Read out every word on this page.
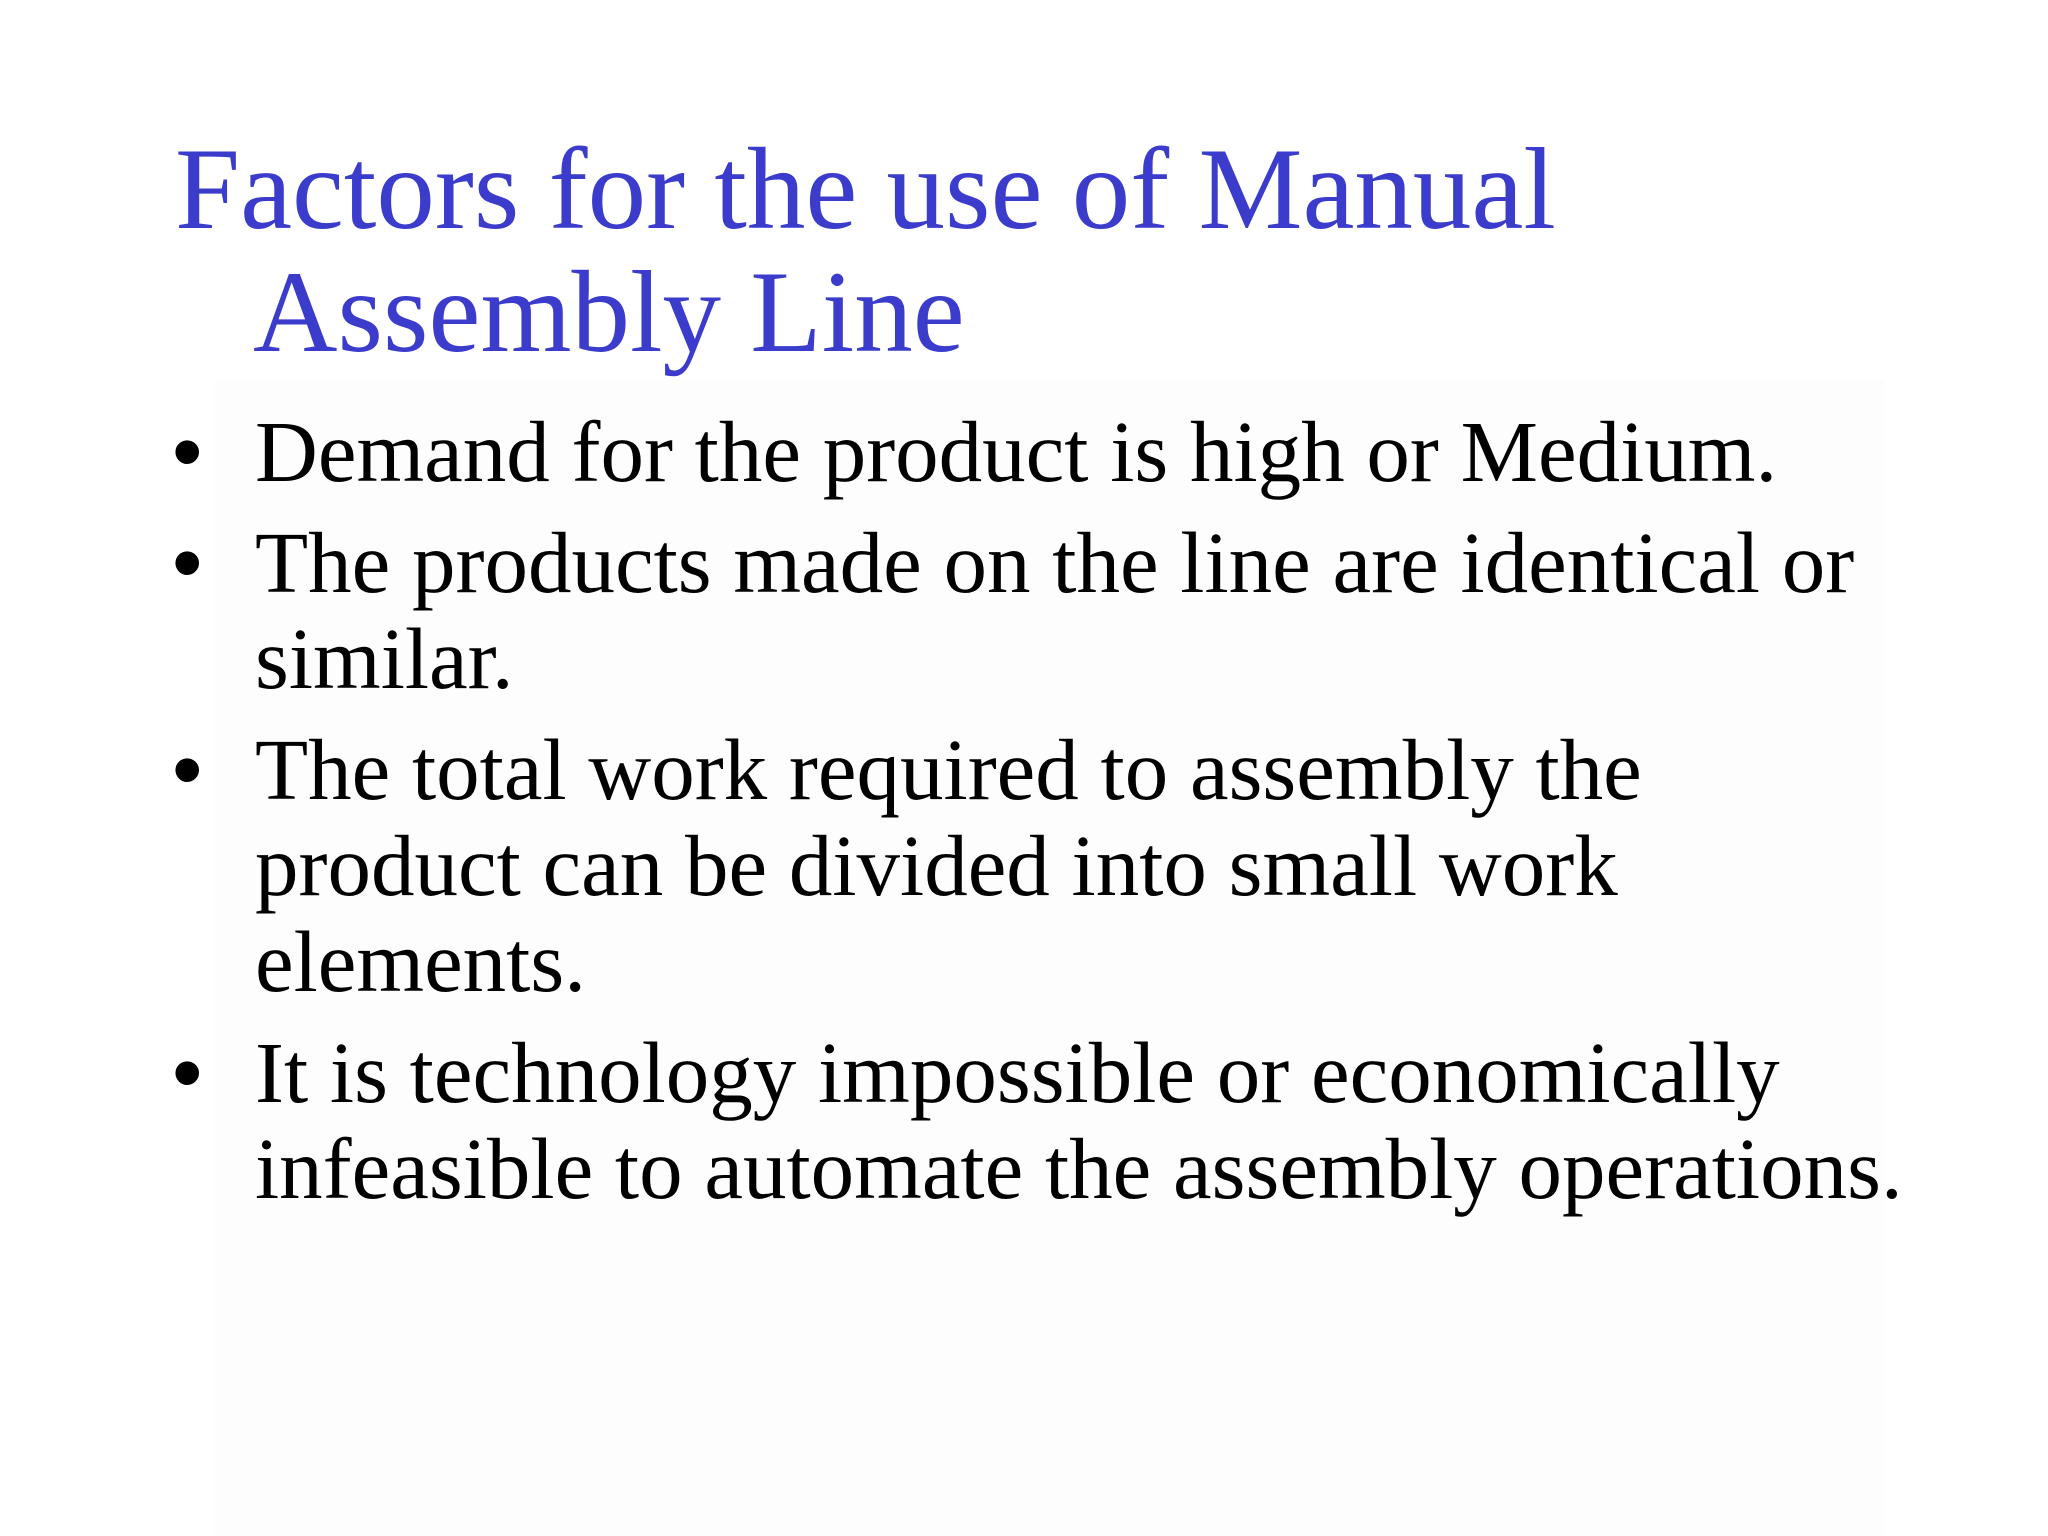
Factors for the use of Manual Assembly Line
• Demand for the product is high or Medium.
• The products made on the line are identical or similar.
• The total work required to assembly the product can be divided into small work elements.
• It is technology impossible or economically infeasible to automate the assembly operations.
